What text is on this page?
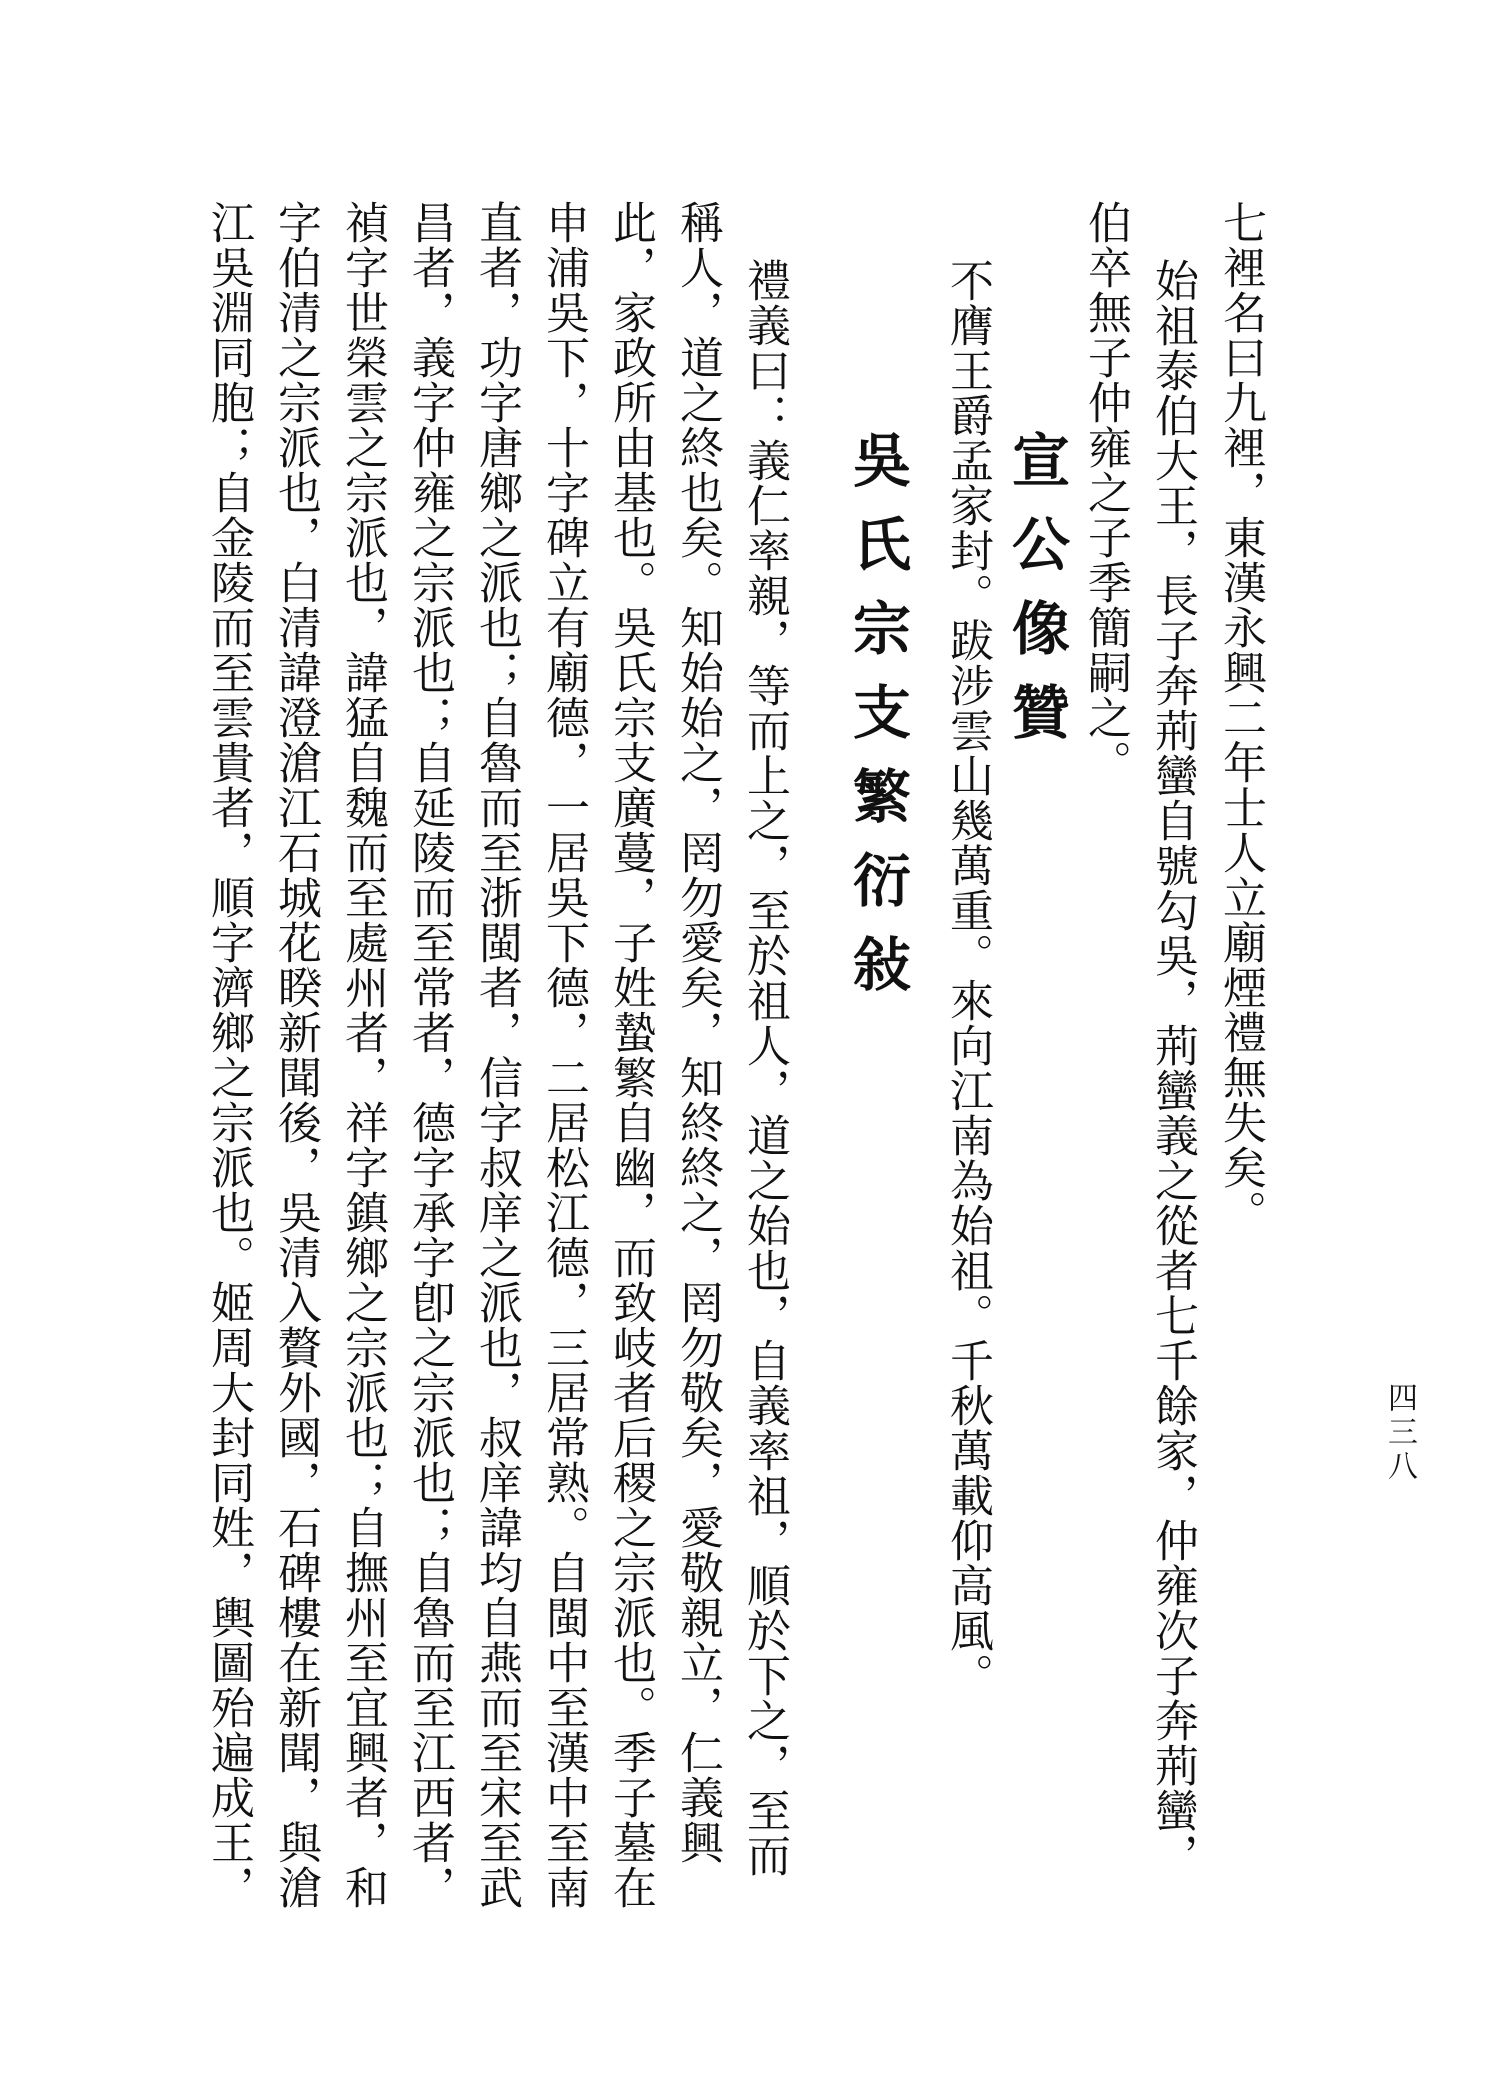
四三八
七裡名曰九裡，東漢永興二年士人立廟煙禮無失矣。
始祖泰伯大王，長子奔荊蠻自號勾吳，荊蠻義之從者七千餘家，仲雍次子奔荊蠻，
伯卒無子仲雍之子季簡嗣之。
宣公像贊
不膺王爵孟家封。跋涉雲山幾萬重。來向江南為始祖。千秋萬載仰高風。
吳氏宗支繁衍敍
禮義曰：義仁率親，等而上之，至於祖人，道之始也，自義率祖，順於下之，至而
稱人，道之終也矣。知始始之，罔勿愛矣，知終終之，罔勿敬矣，愛敬親立，仁義興
此，家政所由基也。吳氏宗支廣蔓，子姓蟄繁自幽，而致岐者后稷之宗派也。季子墓在
申浦吳下，十字碑立有廟德，一居吳下德，二居松江德，三居常熟。自閩中至漢中至南
直者，功字唐鄉之派也；自魯而至浙閩者，信字叔庠之派也，叔庠諱均自燕而至宋至武
昌者，義字仲雍之宗派也；自延陵而至常者，德字承字卽之宗派也；自魯而至江西者，
禎字世榮雲之宗派也，諱猛自魏而至處州者，祥字鎮鄉之宗派也；自撫州至宜興者，和
字伯清之宗派也，白清諱澄滄江石城花睽新聞後，吳清入贅外國，石碑樓在新聞，與滄
江吳淵同胞；自金陵而至雲貴者，順字濟鄉之宗派也。姬周大封同姓，輿圖殆遍成王，
